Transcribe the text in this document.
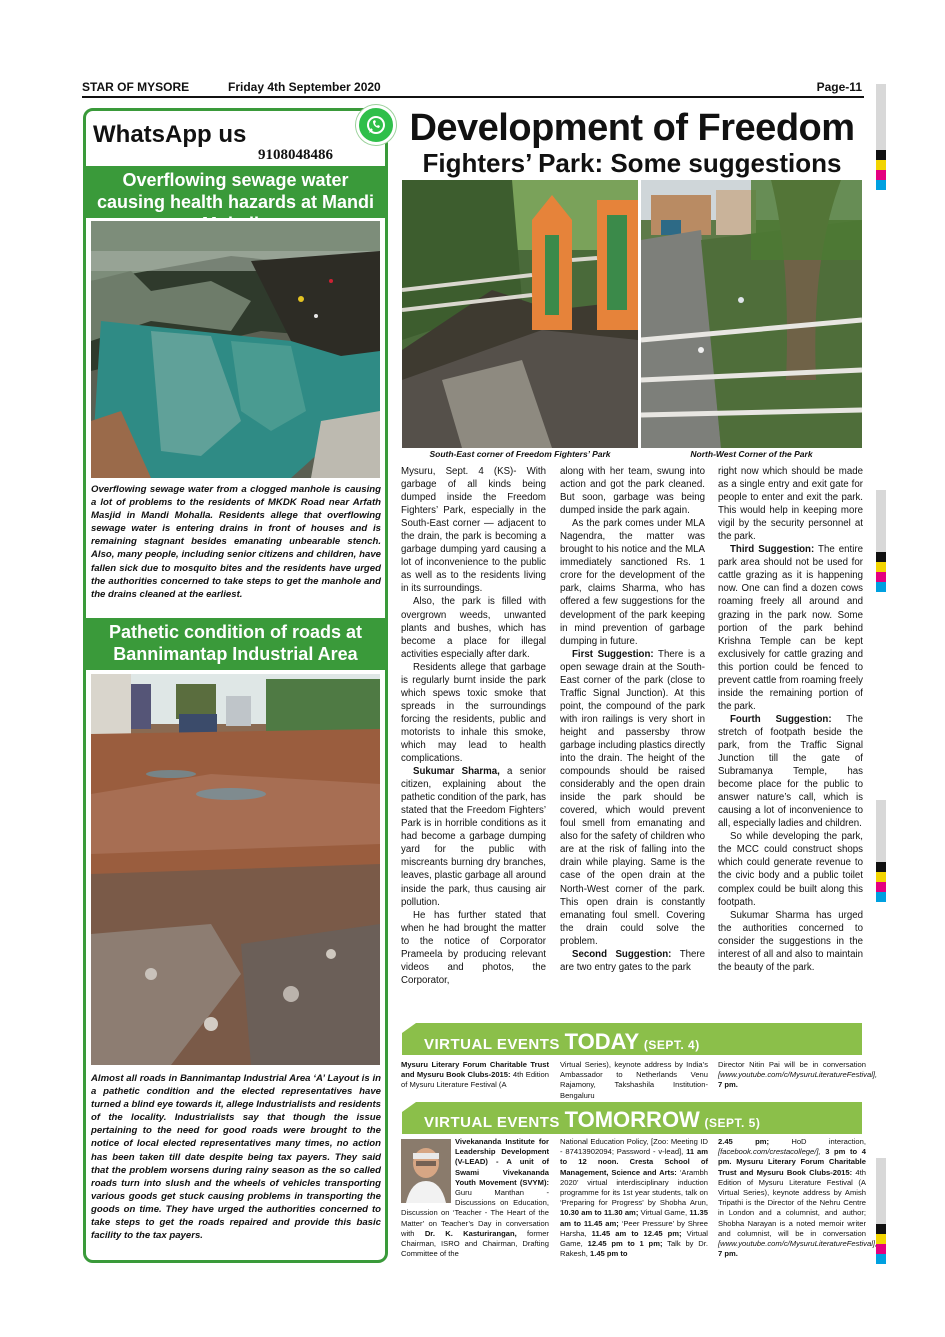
STAR OF MYSORE	Friday 4th September 2020	Page-11
WhatsApp us
9108048486
Overflowing sewage water causing health hazards at Mandi
Overflowing sewage water from a clogged manhole is causing a lot of problems to the residents of MKDK Road near Arfath Masjid in Mandi Mohalla. Residents allege that overflowing sewage water is entering drains in front of houses and is remaining stagnant besides emanating unbearable stench. Also, many people, including senior citizens and children, have fallen sick due to mosquito bites and the residents have urged the authorities concerned to take steps to get the manhole and the drains cleaned at the earliest.
Pathetic condition of roads at Bannimantap Industrial Area
Almost all roads in Bannimantap Industrial Area ‘A’ Layout is in a pathetic condition and the elected representatives have turned a blind eye towards it, allege Industrialists and residents of the locality. Industrialists say that though the issue pertaining to the need for good roads were brought to the notice of local elected representatives many times, no action has been taken till date despite being tax payers. They said that the problem worsens during rainy season as the so called roads turn into slush and the wheels of vehicles transporting various goods get stuck causing problems in transporting the goods on time. They have urged the authorities concerned to take steps to get the roads repaired and provide this basic facility to the tax payers.
Development of Freedom
Fighters’ Park: Some suggestions
South-East corner of Freedom Fighters’ Park	North-West Corner of the Park

Mysuru, Sept. 4 (KS)- With garbage of all kinds being dumped inside the Freedom Fighters’ Park, especially in the South-East corner — adjacent to the drain, the park is becoming a garbage dumping yard causing a lot of inconvenience to the public as well as to the residents living in its surroundings.

Also, the park is filled with overgrown weeds, unwanted plants and bushes, which has become a place for illegal activities especially after dark.

Residents allege that garbage is regularly burnt inside the park which spews toxic smoke that spreads in the surroundings forcing the residents, public and motorists to inhale this smoke, which may lead to health complications.

Sukumar Sharma, a senior citizen, explaining about the pathetic condition of the park, has stated that the Freedom Fighters’ Park is in horrible conditions as it had become a garbage dumping yard for the public with miscreants burning dry branches, leaves, plastic garbage all around inside the park, thus causing air pollution.

He has further stated that when he had brought the matter to the notice of Corporator Prameela by producing relevant videos and photos, the Corporator,

along with her team, swung into action and got the park cleaned. But soon, garbage was being dumped inside the park again.

As the park comes under MLA Nagendra, the matter was brought to his notice and the MLA immediately sanctioned Rs. 1 crore for the development of the park, claims Sharma, who has offered a few suggestions for the development of the park keeping in mind prevention of garbage dumping in future.

First Suggestion: There is a open sewage drain at the South-East corner of the park (close to Traffic Signal Junction). At this point, the compound of the park with iron railings is very short in height and passersby throw garbage including plastics directly into the drain. The height of the compounds should be raised considerably and the open drain inside the park should be covered, which would prevent foul smell from emanating and also for the safety of children who are at the risk of falling into the drain while playing. Same is the case of the open drain at the North-West corner of the park. This open drain is constantly emanating foul smell. Covering the drain could solve the problem.

Second Suggestion: There are two entry gates to the park

right now which should be made as a single entry and exit gate for people to enter and exit the park. This would help in keeping more vigil by the security personnel at the park.

Third Suggestion: The entire park area should not be used for cattle grazing as it is happening now. One can find a dozen cows roaming freely all around and grazing in the park now. Some portion of the park behind Krishna Temple can be kept exclusively for cattle grazing and this portion could be fenced to prevent cattle from roaming freely inside the remaining portion of the park.

Fourth Suggestion: The stretch of footpath beside the park, from the Traffic Signal Junction till the gate of Subramanya Temple, has become place for the public to answer nature’s call, which is causing a lot of inconvenience to all, especially ladies and children.

So while developing the park, the MCC could construct shops which could generate revenue to the civic body and a public toilet complex could be built along this footpath.

Sukumar Sharma has urged the authorities concerned to consider the suggestions in the interest of all and also to maintain the beauty of the park.

VIRTUAL EVENTS TODAY (SEPT. 4)
Mysuru Literary Forum Charitable Trust and Mysuru Book Clubs-2015: 4th Edition of Mysuru Literature Festival (A
Virtual Series), keynote address by India’s Ambassador to Netherlands Venu Rajamony, Takshashila Institution-Bengaluru
Director Nitin Pai will be in conversation [www.youtube.com/c/MysuruLiteratureFestival], 7 pm.
VIRTUAL EVENTS TOMORROW (SEPT. 5)
Vivekananda Institute for Leadership Development (V-LEAD) - A unit of Swami Vivekananda Youth Movement (SVYM): Guru Manthan - Discussions on Education, Discussion on ‘Teacher - The Heart of the Matter’ on Teacher’s Day in conversation with Dr. K. Kasturirangan, former Chairman, ISRO and Chairman, Drafting Committee of the
National Education Policy, [Zoo: Meeting ID - 87413902094; Password - v-lead], 11 am to 12 noon. Cresta School of Management, Science and Arts: ‘Arambh 2020’ virtual interdisciplinary induction programme for its 1st year students, talk on ‘Preparing for Progress’ by Shobha Arun, 10.30 am to 11.30 am; Virtual Game, 11.35 am to 11.45 am; ‘Peer Pressure’ by Shree Harsha, 11.45 am to 12.45 pm; Virtual Game, 12.45 pm to 1 pm; Talk by Dr. Rakesh, 1.45 pm to
2.45 pm;	HoD interaction, [facebook.com/crestacollege/], 3 pm to 4 pm. Mysuru Literary Forum Charitable Trust and Mysuru Book Clubs-2015: 4th Edition of Mysuru Literature Festival (A Virtual Series), keynote address by Amish Tripathi is the Director of the Nehru Centre in London and a columnist, and author; Shobha Narayan is a noted memoir writer and columnist, will be in conversation [www.youtube.com/c/MysuruLiteratureFestival], 7 pm.
